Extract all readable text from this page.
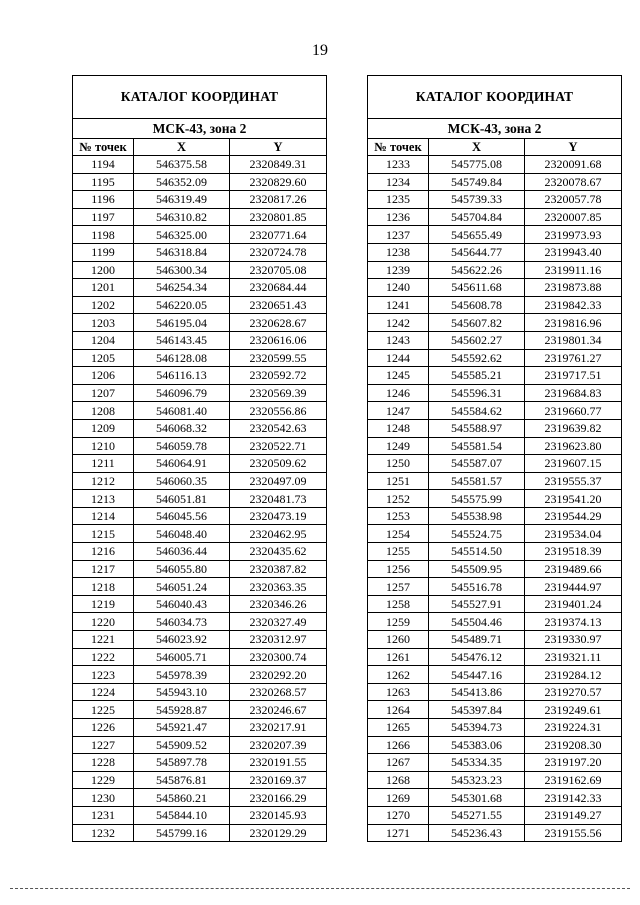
19
КАТАЛОГ КООРДИНАТ		
МСК-43, зона 2		
№ точек	X	Y
1194	546375.58	2320849.31
1195	546352.09	2320829.60
1196	546319.49	2320817.26
1197	546310.82	2320801.85
1198	546325.00	2320771.64
1199	546318.84	2320724.78
1200	546300.34	2320705.08
1201	546254.34	2320684.44
1202	546220.05	2320651.43
1203	546195.04	2320628.67
1204	546143.45	2320616.06
1205	546128.08	2320599.55
1206	546116.13	2320592.72
1207	546096.79	2320569.39
1208	546081.40	2320556.86
1209	546068.32	2320542.63
1210	546059.78	2320522.71
1211	546064.91	2320509.62
1212	546060.35	2320497.09
1213	546051.81	2320481.73
1214	546045.56	2320473.19
1215	546048.40	2320462.95
1216	546036.44	2320435.62
1217	546055.80	2320387.82
1218	546051.24	2320363.35
1219	546040.43	2320346.26
1220	546034.73	2320327.49
1221	546023.92	2320312.97
1222	546005.71	2320300.74
1223	545978.39	2320292.20
1224	545943.10	2320268.57
1225	545928.87	2320246.67
1226	545921.47	2320217.91
1227	545909.52	2320207.39
1228	545897.78	2320191.55
1229	545876.81	2320169.37
1230	545860.21	2320166.29
1231	545844.10	2320145.93
1232	545799.16	2320129.29
КАТАЛОГ КООРДИНАТ		
МСК-43, зона 2		
№ точек	X	Y
1233	545775.08	2320091.68
1234	545749.84	2320078.67
1235	545739.33	2320057.78
1236	545704.84	2320007.85
1237	545655.49	2319973.93
1238	545644.77	2319943.40
1239	545622.26	2319911.16
1240	545611.68	2319873.88
1241	545608.78	2319842.33
1242	545607.82	2319816.96
1243	545602.27	2319801.34
1244	545592.62	2319761.27
1245	545585.21	2319717.51
1246	545596.31	2319684.83
1247	545584.62	2319660.77
1248	545588.97	2319639.82
1249	545581.54	2319623.80
1250	545587.07	2319607.15
1251	545581.57	2319555.37
1252	545575.99	2319541.20
1253	545538.98	2319544.29
1254	545524.75	2319534.04
1255	545514.50	2319518.39
1256	545509.95	2319489.66
1257	545516.78	2319444.97
1258	545527.91	2319401.24
1259	545504.46	2319374.13
1260	545489.71	2319330.97
1261	545476.12	2319321.11
1262	545447.16	2319284.12
1263	545413.86	2319270.57
1264	545397.84	2319249.61
1265	545394.73	2319224.31
1266	545383.06	2319208.30
1267	545334.35	2319197.20
1268	545323.23	2319162.69
1269	545301.68	2319142.33
1270	545271.55	2319149.27
1271	545236.43	2319155.56
